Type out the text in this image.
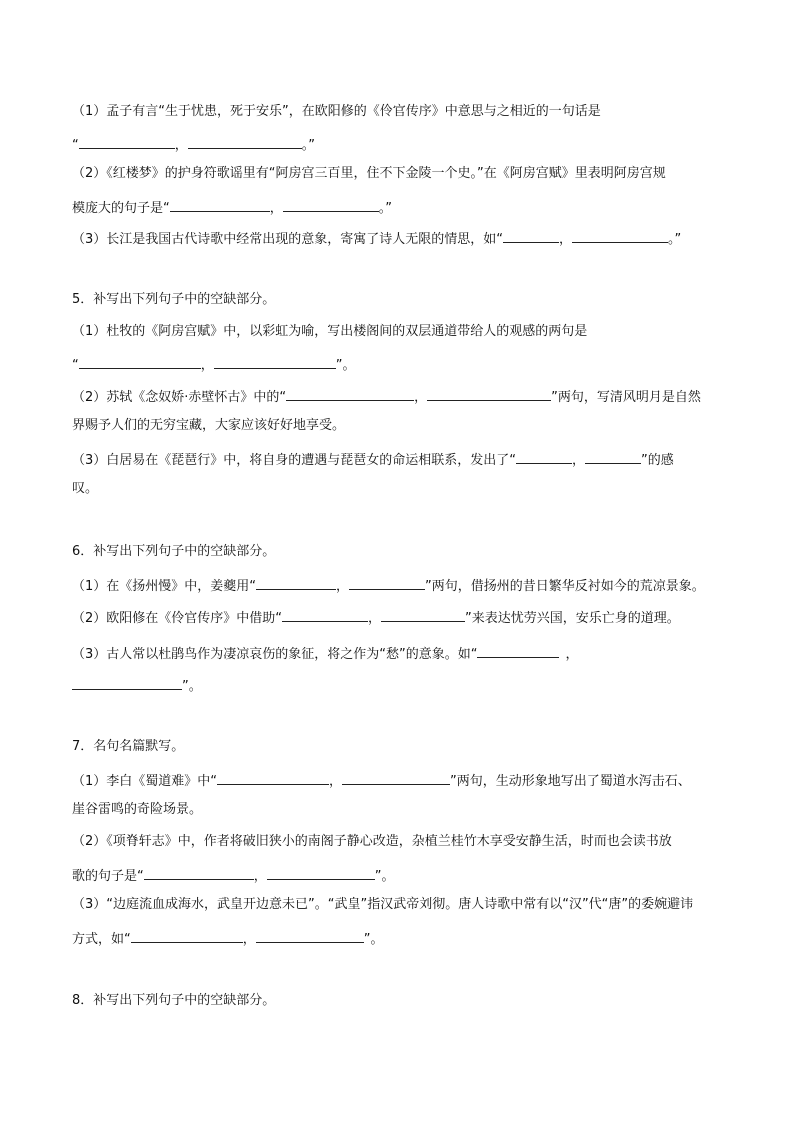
（1）孟子有言“生于忧患，死于安乐”，在欧阳修的《伶官传序》中意思与之相近的一句话是
“	，	。”
（2）《红楼梦》的护身符歌谣里有“阿房宫三百里，住不下金陵一个史。”在《阿房宫赋》里表明阿房宫规
模庞大的句子是“	，	。”
（3）长江是我国古代诗歌中经常出现的意象，寄寓了诗人无限的情思，如“	，	。”
5．补写出下列句子中的空缺部分。
（1）杜牧的《阿房宫赋》中，以彩虹为喻，写出楼阁间的双层通道带给人的观感的两句是
“	，	”。
（2）苏轼《念奴娇·赤壁怀古》中的“	，	”两句，写清风明月是自然
界赐予人们的无穷宝藏，大家应该好好地享受。
（3）白居易在《琵琶行》中，将自身的遭遇与琵琶女的命运相联系，发出了“	，	”的感
叹。
6．补写出下列句子中的空缺部分。
（1）在《扬州慢》中，姜夔用“	，	”两句，借扬州的昔日繁华反衬如今的荒凉景象。
（2）欧阳修在《伶官传序》中借助“	，	”来表达忧劳兴国，安乐亡身的道理。
（3）古人常以杜鹃鸟作为凄凉哀伤的象征，将之作为“愁”的意象。如“	，
”。
7．名句名篇默写。
（1）李白《蜀道难》中“	，	”两句，生动形象地写出了蜀道水泻击石、
崖谷雷鸣的奇险场景。
（2）《项脊轩志》中，作者将破旧狭小的南阁子静心改造，杂植兰桂竹木享受安静生活，时而也会读书放
歌的句子是“	，	”。
（3）“边庭流血成海水，武皇开边意未已”。“武皇”指汉武帝刘彻。唐人诗歌中常有以“汉”代“唐”的委婉避讳
方式，如“	，	”。
8．补写出下列句子中的空缺部分。
